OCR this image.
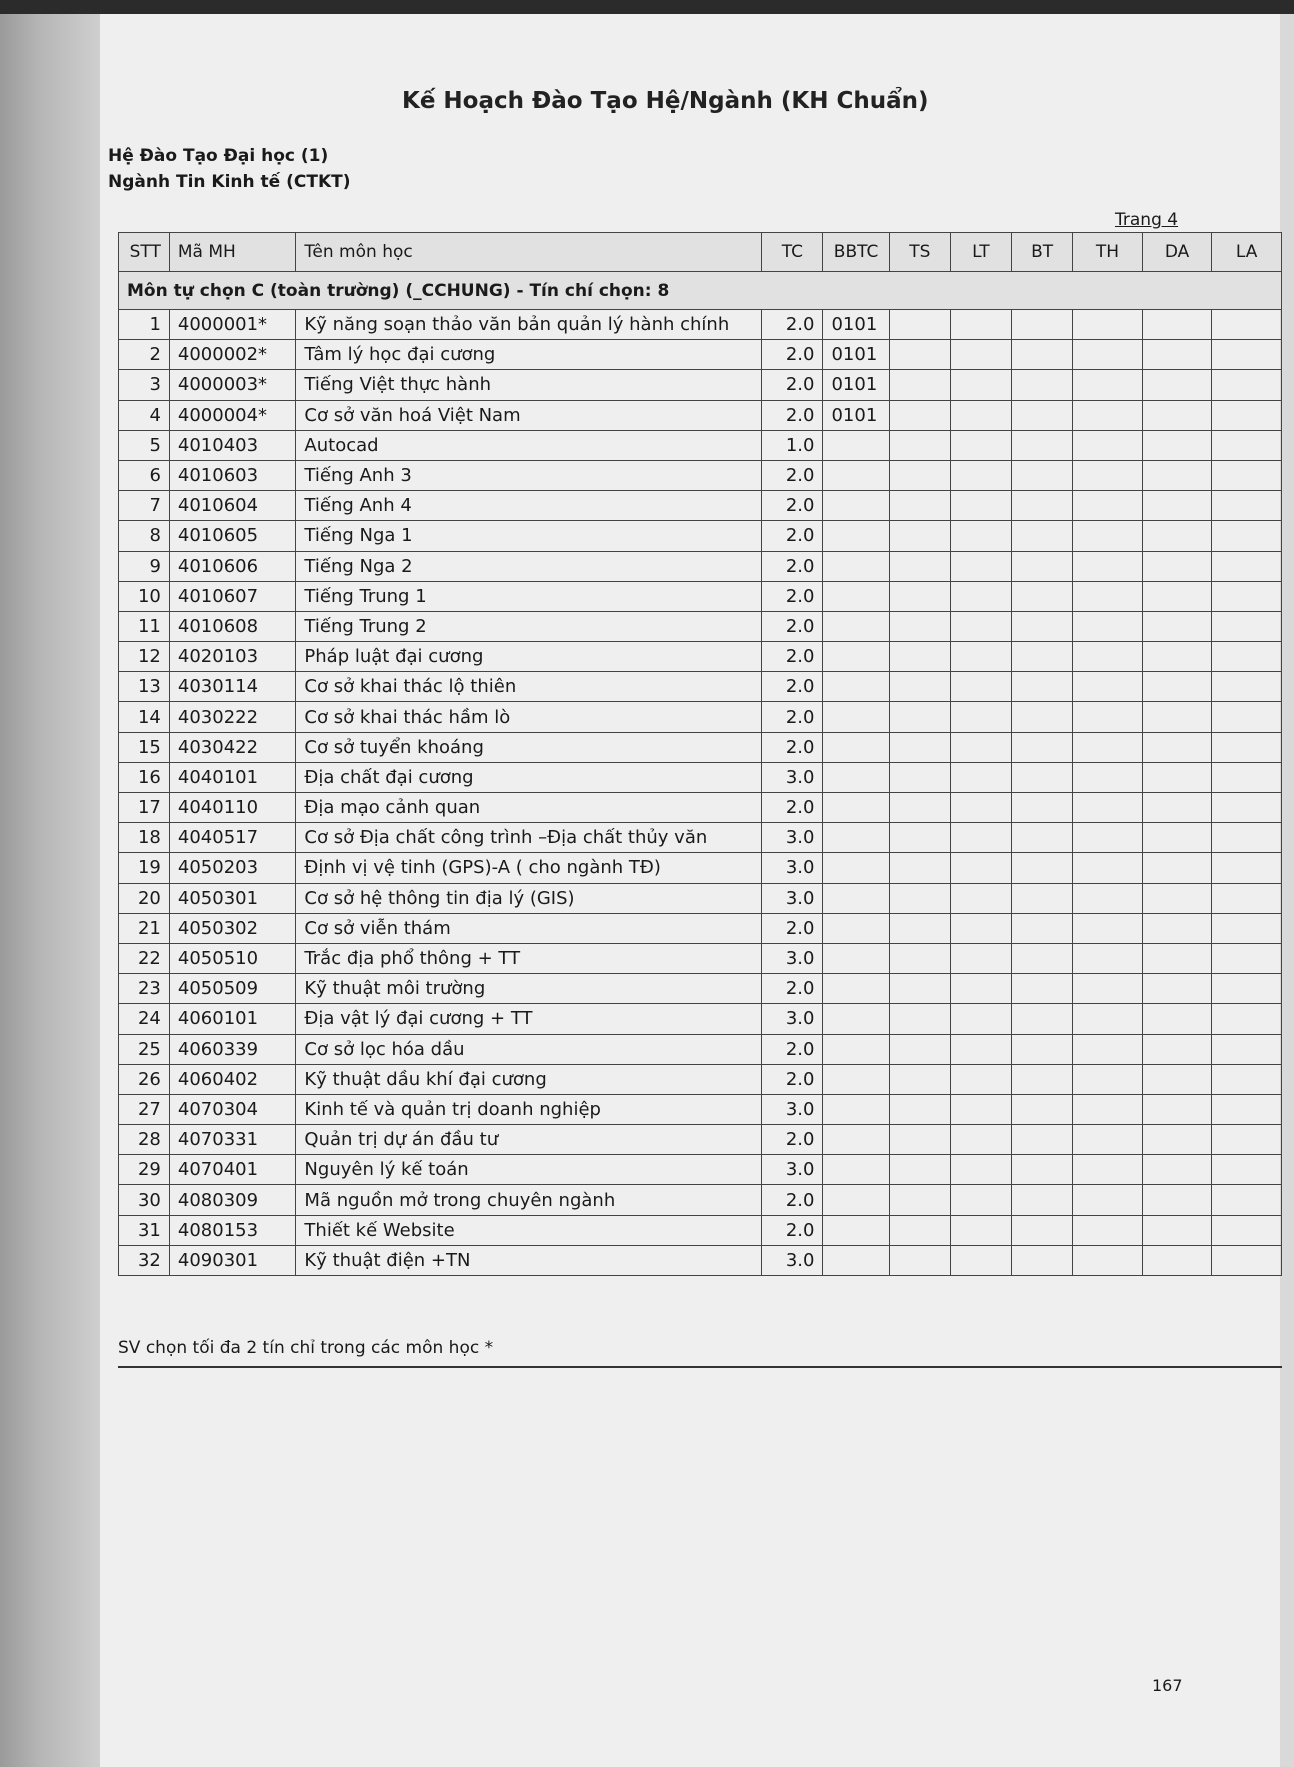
Kế Hoạch Đào Tạo Hệ/Ngành (KH Chuẩn)
Hệ Đào Tạo Đại học (1)
Ngành Tin Kinh tế (CTKT)
Trang 4
STT	Mã MH	Tên môn học	TC	BBTC	TS	LT	BT	TH	DA	LA
Môn tự chọn C (toàn trường) (_CCHUNG) - Tín chí chọn: 8										
1	4000001*	Kỹ năng soạn thảo văn bản quản lý hành chính	2.0	0101						
2	4000002*	Tâm lý học đại cương	2.0	0101						
3	4000003*	Tiếng Việt thực hành	2.0	0101						
4	4000004*	Cơ sở văn hoá Việt Nam	2.0	0101						
5	4010403	Autocad	1.0							
6	4010603	Tiếng Anh 3	2.0							
7	4010604	Tiếng Anh 4	2.0							
8	4010605	Tiếng Nga 1	2.0							
9	4010606	Tiếng Nga 2	2.0							
10	4010607	Tiếng Trung 1	2.0							
11	4010608	Tiếng Trung 2	2.0							
12	4020103	Pháp luật đại cương	2.0							
13	4030114	Cơ sở khai thác lộ thiên	2.0							
14	4030222	Cơ sở khai thác hầm lò	2.0							
15	4030422	Cơ sở tuyển khoáng	2.0							
16	4040101	Địa chất đại cương	3.0							
17	4040110	Địa mạo cảnh quan	2.0							
18	4040517	Cơ sở Địa chất công trình –Địa chất thủy văn	3.0							
19	4050203	Định vị vệ tinh (GPS)-A ( cho ngành TĐ)	3.0							
20	4050301	Cơ sở hệ thông tin địa lý (GIS)	3.0							
21	4050302	Cơ sở viễn thám	2.0							
22	4050510	Trắc địa phổ thông + TT	3.0							
23	4050509	Kỹ thuật môi trường	2.0							
24	4060101	Địa vật lý đại cương + TT	3.0							
25	4060339	Cơ sở lọc hóa dầu	2.0							
26	4060402	Kỹ thuật dầu khí đại cương	2.0							
27	4070304	Kinh tế và quản trị doanh nghiệp	3.0							
28	4070331	Quản trị dự án đầu tư	2.0							
29	4070401	Nguyên lý kế toán	3.0							
30	4080309	Mã nguồn mở trong chuyên ngành	2.0							
31	4080153	Thiết kế Website	2.0							
32	4090301	Kỹ thuật điện +TN	3.0							
SV chọn tối đa 2 tín chỉ trong các môn học *
167
